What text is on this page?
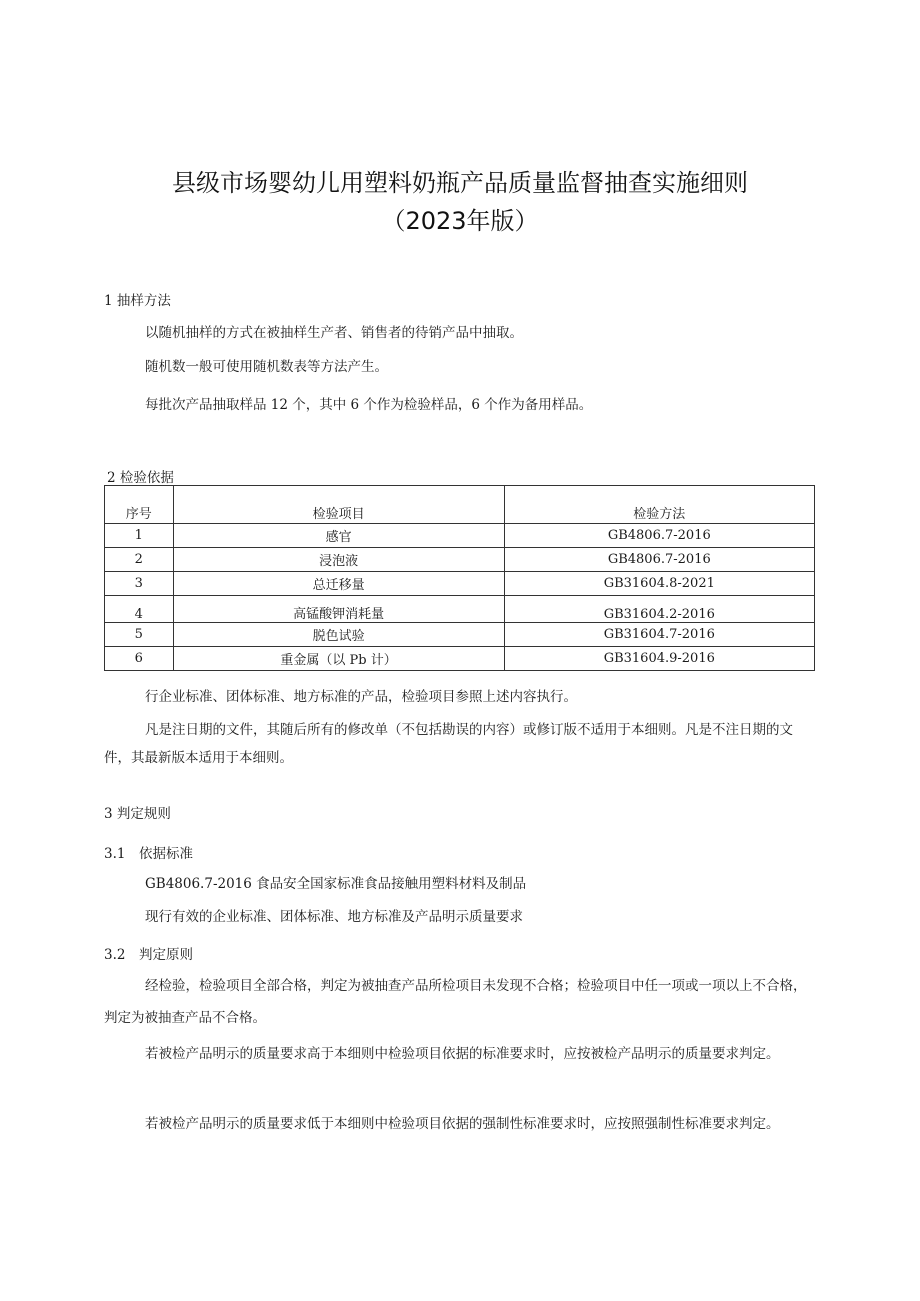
县级市场婴幼儿用塑料奶瓶产品质量监督抽查实施细则
（2023年版）
1 抽样方法
以随机抽样的方式在被抽样生产者、销售者的待销产品中抽取。
随机数一般可使用随机数表等方法产生。
每批次产品抽取样品 12 个，其中 6 个作为检验样品，6 个作为备用样品。
2 检验依据
序号	检验项目	检验方法
1	感官	GB4806.7-2016
2	浸泡液	GB4806.7-2016
3	总迁移量	GB31604.8-2021
4	高锰酸钾消耗量	GB31604.2-2016
5	脱色试验	GB31604.7-2016
6	重金属（以 Pb 计）	GB31604.9-2016
行企业标准、团体标准、地方标准的产品，检验项目参照上述内容执行。
凡是注日期的文件，其随后所有的修改单（不包括勘误的内容）或修订版不适用于本细则。凡是不注日期的文件，其最新版本适用于本细则。
3 判定规则
3.1　依据标准
GB4806.7-2016 食品安全国家标准食品接触用塑料材料及制品
现行有效的企业标准、团体标准、地方标准及产品明示质量要求
3.2　判定原则
经检验，检验项目全部合格，判定为被抽查产品所检项目未发现不合格；检验项目中任一项或一项以上不合格，判定为被抽查产品不合格。
若被检产品明示的质量要求高于本细则中检验项目依据的标准要求时，应按被检产品明示的质量要求判定。
若被检产品明示的质量要求低于本细则中检验项目依据的强制性标准要求时，应按照强制性标准要求判定。
